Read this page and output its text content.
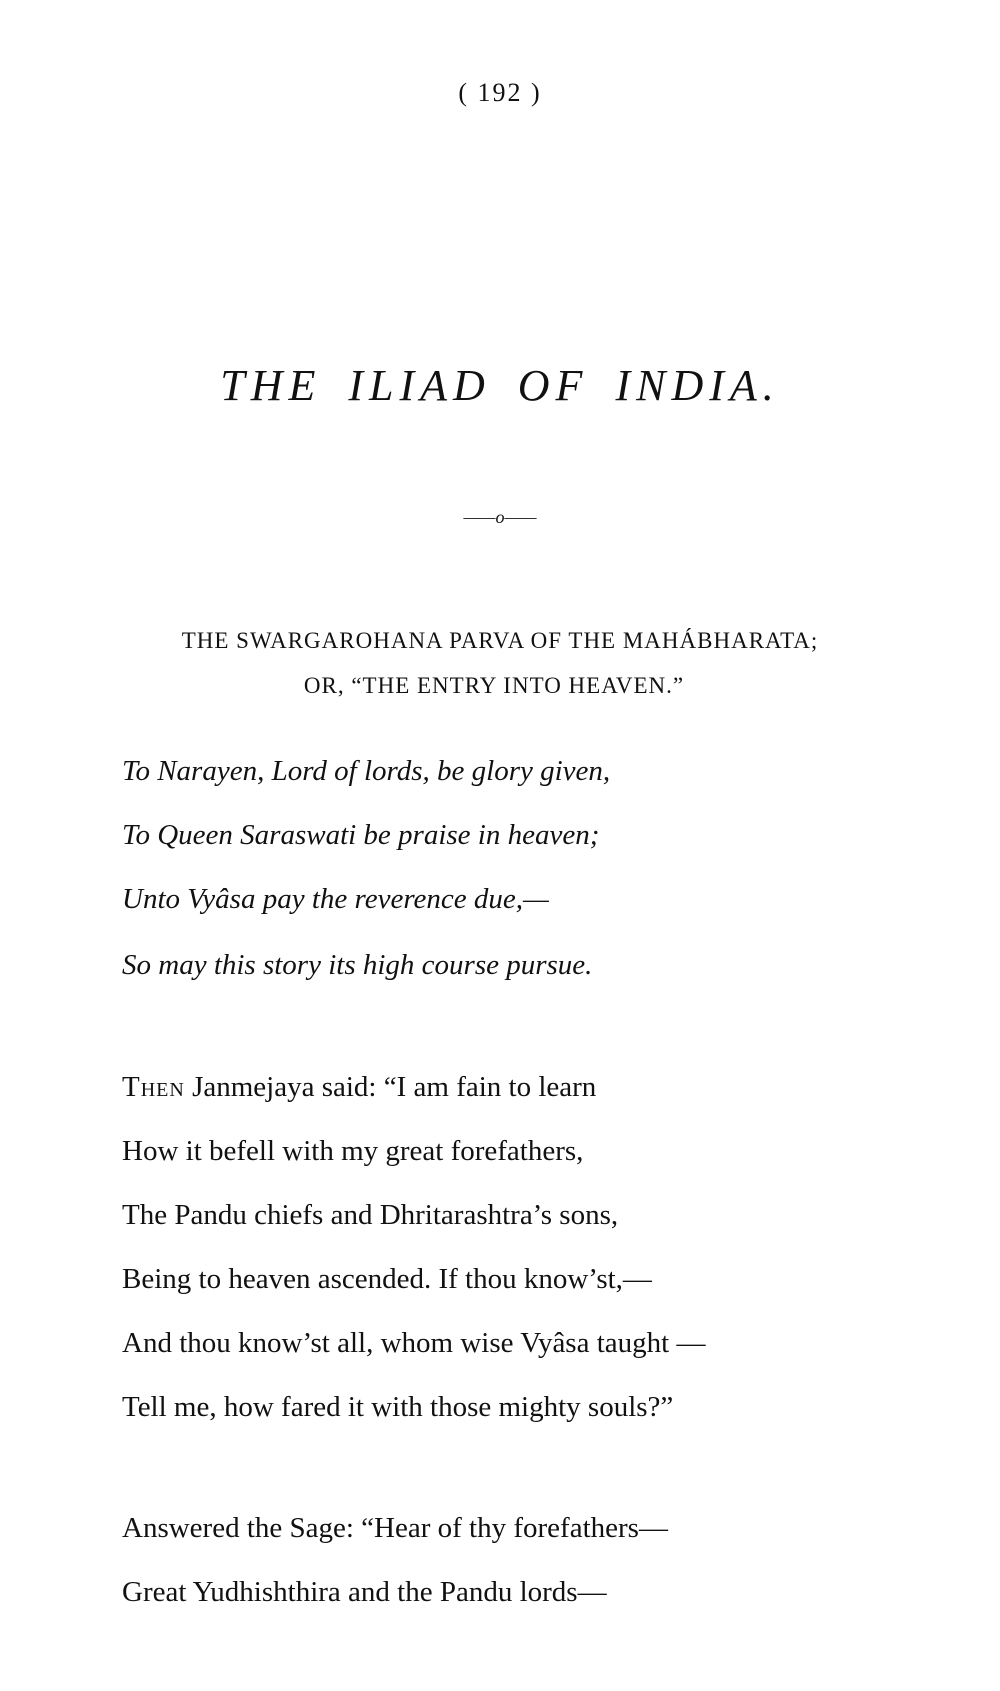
( 192 )
THE ILIAD OF INDIA.
——o——
THE SWARGAROHANA PARVA OF THE MAHÁBHARATA;
OR, “THE ENTRY INTO HEAVEN.”
To Narayen, Lord of lords, be glory given,
To Queen Saraswati be praise in heaven;
Unto Vyâsa pay the reverence due,—
So may this story its high course pursue.
Then Janmejaya said: “I am fain to learn
How it befell with my great forefathers,
The Pandu chiefs and Dhritarashtra’s sons,
Being to heaven ascended. If thou know’st,—
And thou know’st all, whom wise Vyâsa taught —
Tell me, how fared it with those mighty souls?”
Answered the Sage: “Hear of thy forefathers—
Great Yudhishthira and the Pandu lords—
